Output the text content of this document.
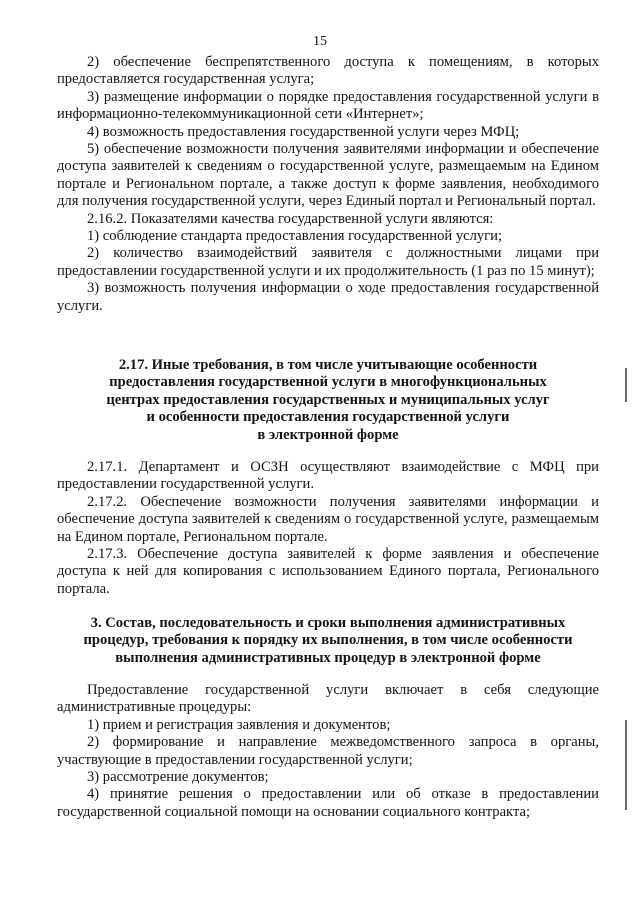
15

2) обеспечение беспрепятственного доступа к помещениям, в которых предоставляется государственная услуга;

3) размещение информации о порядке предоставления государственной услуги в информационно-телекоммуникационной сети «Интернет»;

4) возможность предоставления государственной услуги через МФЦ;

5) обеспечение возможности получения заявителями информации и обеспечение доступа заявителей к сведениям о государственной услуге, размещаемым на Едином портале и Региональном портале, а также доступ к форме заявления, необходимого для получения государственной услуги, через Единый портал и Региональный портал.

2.16.2. Показателями качества государственной услуги являются:

1) соблюдение стандарта предоставления государственной услуги;

2) количество взаимодействий заявителя с должностными лицами при предоставлении государственной услуги и их продолжительность (1 раз по 15 минут);

3) возможность получения информации о ходе предоставления государственной услуги.

2.17. Иные требования, в том числе учитывающие особенности
предоставления государственной услуги в многофункциональных
центрах предоставления государственных и муниципальных услуг
и особенности предоставления государственной услуги
в электронной форме

2.17.1. Департамент и ОСЗН осуществляют взаимодействие с МФЦ при предоставлении государственной услуги.

2.17.2. Обеспечение возможности получения заявителями информации и обеспечение доступа заявителей к сведениям о государственной услуге, размещаемым на Едином портале, Региональном портале.

2.17.3. Обеспечение доступа заявителей к форме заявления и обеспечение доступа к ней для копирования с использованием Единого портала, Регионального портала.

3. Состав, последовательность и сроки выполнения административных
процедур, требования к порядку их выполнения, в том числе особенности
выполнения административных процедур в электронной форме

Предоставление государственной услуги включает в себя следующие административные процедуры:

1) прием и регистрация заявления и документов;

2) формирование и направление межведомственного запроса в органы, участвующие в предоставлении государственной услуги;

3) рассмотрение документов;

4) принятие решения о предоставлении или об отказе в предоставлении государственной социальной помощи на основании социального контракта;
